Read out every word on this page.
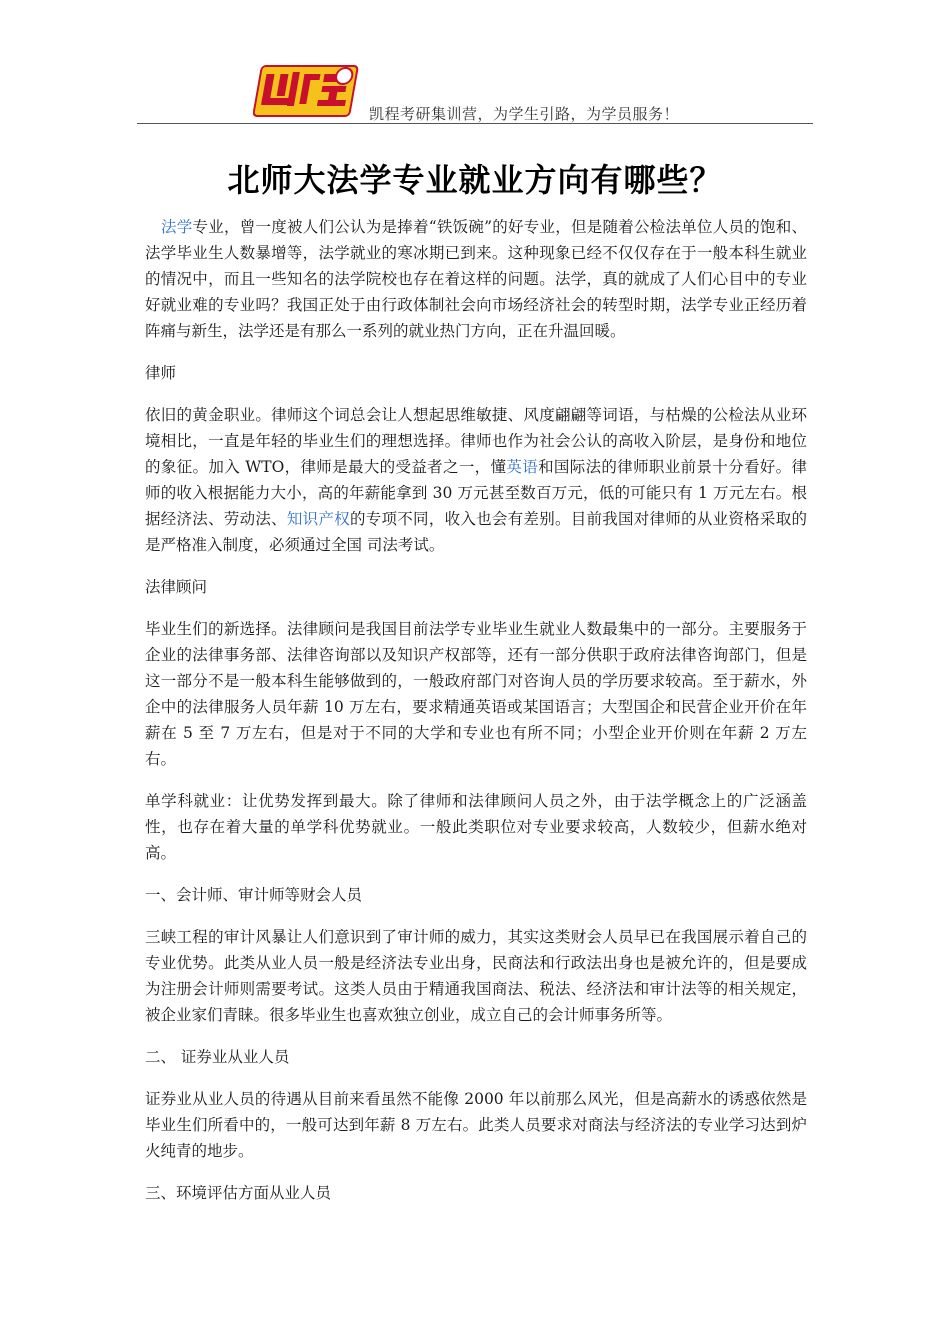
凯程考研集训营，为学生引路，为学员服务！
北师大法学专业就业方向有哪些？

法学专业，曾一度被人们公认为是捧着“铁饭碗”的好专业，但是随着公检法单位人员的饱和、法学毕业生人数暴增等，法学就业的寒冰期已到来。这种现象已经不仅仅存在于一般本科生就业的情况中，而且一些知名的法学院校也存在着这样的问题。法学，真的就成了人们心目中的专业好就业难的专业吗？我国正处于由行政体制社会向市场经济社会的转型时期，法学专业正经历着阵痛与新生，法学还是有那么一系列的就业热门方向，正在升温回暖。

律师

依旧的黄金职业。律师这个词总会让人想起思维敏捷、风度翩翩等词语，与枯燥的公检法从业环境相比，一直是年轻的毕业生们的理想选择。律师也作为社会公认的高收入阶层，是身份和地位的象征。加入 WTO，律师是最大的受益者之一，懂英语和国际法的律师职业前景十分看好。律师的收入根据能力大小，高的年薪能拿到 30 万元甚至数百万元，低的可能只有 1 万元左右。根据经济法、劳动法、知识产权的专项不同，收入也会有差别。目前我国对律师的从业资格采取的是严格准入制度，必须通过全国 司法考试。

法律顾问

毕业生们的新选择。法律顾问是我国目前法学专业毕业生就业人数最集中的一部分。主要服务于企业的法律事务部、法律咨询部以及知识产权部等，还有一部分供职于政府法律咨询部门，但是这一部分不是一般本科生能够做到的，一般政府部门对咨询人员的学历要求较高。至于薪水，外企中的法律服务人员年薪 10 万左右，要求精通英语或某国语言；大型国企和民营企业开价在年薪在 5 至 7 万左右，但是对于不同的大学和专业也有所不同；小型企业开价则在年薪 2 万左右。

单学科就业：让优势发挥到最大。除了律师和法律顾问人员之外，由于法学概念上的广泛涵盖性，也存在着大量的单学科优势就业。一般此类职位对专业要求较高，人数较少，但薪水绝对高。

一、会计师、审计师等财会人员

三峡工程的审计风暴让人们意识到了审计师的威力，其实这类财会人员早已在我国展示着自己的专业优势。此类从业人员一般是经济法专业出身，民商法和行政法出身也是被允许的，但是要成为注册会计师则需要考试。这类人员由于精通我国商法、税法、经济法和审计法等的相关规定，被企业家们青睐。很多毕业生也喜欢独立创业，成立自己的会计师事务所等。

二、 证券业从业人员

证券业从业人员的待遇从目前来看虽然不能像 2000 年以前那么风光，但是高薪水的诱惑依然是毕业生们所看中的，一般可达到年薪 8 万左右。此类人员要求对商法与经济法的专业学习达到炉火纯青的地步。

三、环境评估方面从业人员
